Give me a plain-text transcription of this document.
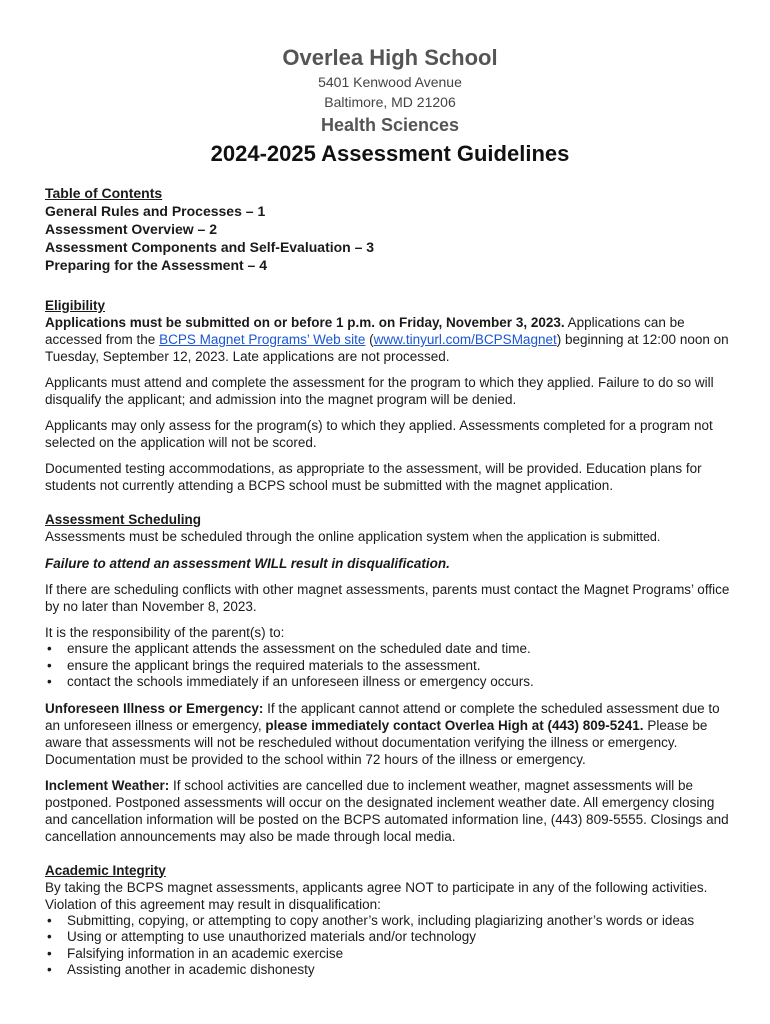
Overlea High School

5401 Kenwood Avenue

Baltimore, MD 21206

Health Sciences

2024-2025 Assessment Guidelines

Table of Contents
General Rules and Processes – 1
Assessment Overview – 2
Assessment Components and Self-Evaluation – 3
Preparing for the Assessment – 4

Eligibility

Applications must be submitted on or before 1 p.m. on Friday, November 3, 2023. Applications can be accessed from the BCPS Magnet Programs’ Web site (www.tinyurl.com/BCPSMagnet) beginning at 12:00 noon on Tuesday, September 12, 2023. Late applications are not processed.

Applicants must attend and complete the assessment for the program to which they applied. Failure to do so will disqualify the applicant; and admission into the magnet program will be denied.

Applicants may only assess for the program(s) to which they applied. Assessments completed for a program not selected on the application will not be scored.

Documented testing accommodations, as appropriate to the assessment, will be provided. Education plans for students not currently attending a BCPS school must be submitted with the magnet application.

Assessment Scheduling

Assessments must be scheduled through the online application system when the application is submitted.

Failure to attend an assessment WILL result in disqualification.

If there are scheduling conflicts with other magnet assessments, parents must contact the Magnet Programs’ office by no later than November 8, 2023.

It is the responsibility of the parent(s) to:

• ensure the applicant attends the assessment on the scheduled date and time.
• ensure the applicant brings the required materials to the assessment.
• contact the schools immediately if an unforeseen illness or emergency occurs.

Unforeseen Illness or Emergency: If the applicant cannot attend or complete the scheduled assessment due to an unforeseen illness or emergency, please immediately contact Overlea High at (443) 809-5241. Please be aware that assessments will not be rescheduled without documentation verifying the illness or emergency. Documentation must be provided to the school within 72 hours of the illness or emergency.

Inclement Weather: If school activities are cancelled due to inclement weather, magnet assessments will be postponed. Postponed assessments will occur on the designated inclement weather date. All emergency closing and cancellation information will be posted on the BCPS automated information line, (443) 809-5555. Closings and cancellation announcements may also be made through local media.

Academic Integrity

By taking the BCPS magnet assessments, applicants agree NOT to participate in any of the following activities. Violation of this agreement may result in disqualification:

• Submitting, copying, or attempting to copy another’s work, including plagiarizing another’s words or ideas
• Using or attempting to use unauthorized materials and/or technology
• Falsifying information in an academic exercise
• Assisting another in academic dishonesty
